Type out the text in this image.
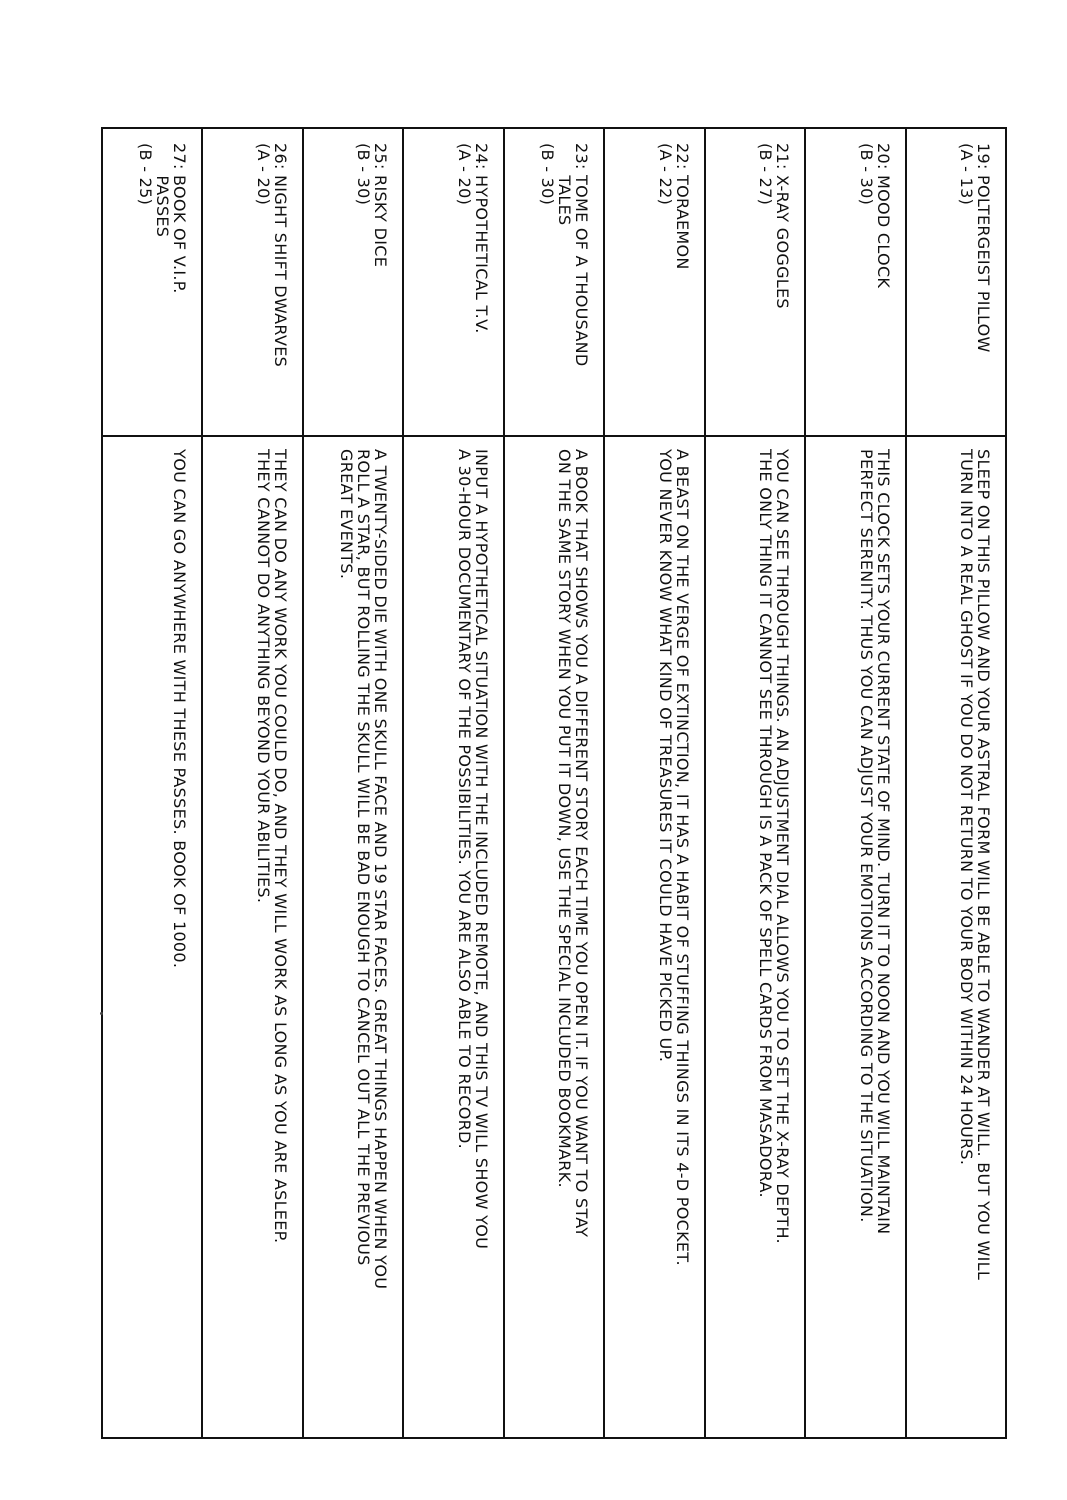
19: POLTERGEIST PILLOW
(A - 13)
SLEEP ON THIS PILLOW AND YOUR ASTRAL FORM WILL BE ABLE TO WANDER AT WILL. BUT YOU WILL
TURN INTO A REAL GHOST IF YOU DO NOT RETURN TO YOUR BODY WITHIN 24 HOURS.
20: MOOD CLOCK
(B - 30)
THIS CLOCK SETS YOUR CURRENT STATE OF MIND. TURN IT TO NOON AND YOU WILL MAINTAIN
PERFECT SERENITY. THUS YOU CAN ADJUST YOUR EMOTIONS ACCORDING TO THE SITUATION.
21: X-RAY GOGGLES
(B - 27)
YOU CAN SEE THROUGH THINGS. AN ADJUSTMENT DIAL ALLOWS YOU TO SET THE X-RAY DEPTH.
THE ONLY THING IT CANNOT SEE THROUGH IS A PACK OF SPELL CARDS FROM MASADORA.
22: TORAEMON
(A - 22)
A BEAST ON THE VERGE OF EXTINCTION, IT HAS A HABIT OF STUFFING THINGS IN ITS 4-D POCKET.
YOU NEVER KNOW WHAT KIND OF TREASURES IT COULD HAVE PICKED UP.
23: TOME OF A THOUSAND
TALES
(B - 30)
A BOOK THAT SHOWS YOU A DIFFERENT STORY EACH TIME YOU OPEN IT. IF YOU WANT TO STAY
ON THE SAME STORY WHEN YOU PUT IT DOWN, USE THE SPECIAL INCLUDED BOOKMARK.
24: HYPOTHETICAL T.V.
(A - 20)
INPUT A HYPOTHETICAL SITUATION WITH THE INCLUDED REMOTE, AND THIS TV WILL SHOW YOU
A 30-HOUR DOCUMENTARY OF THE POSSIBILITIES. YOU ARE ALSO ABLE TO RECORD.
25: RISKY DICE
(B - 30)
A TWENTY-SIDED DIE WITH ONE SKULL FACE AND 19 STAR FACES. GREAT THINGS HAPPEN WHEN YOU
ROLL A STAR, BUT ROLLING THE SKULL WILL BE BAD ENOUGH TO CANCEL OUT ALL THE PREVIOUS
GREAT EVENTS.
26: NIGHT SHIFT DWARVES
(A - 20)
THEY CAN DO ANY WORK YOU COULD DO, AND THEY WILL WORK AS LONG AS YOU ARE ASLEEP.
THEY CANNOT DO ANYTHING BEYOND YOUR ABILITIES.
27: BOOK OF V.I.P.
PASSES
(B - 25)
YOU CAN GO ANYWHERE WITH THESE PASSES. BOOK OF 1000.
